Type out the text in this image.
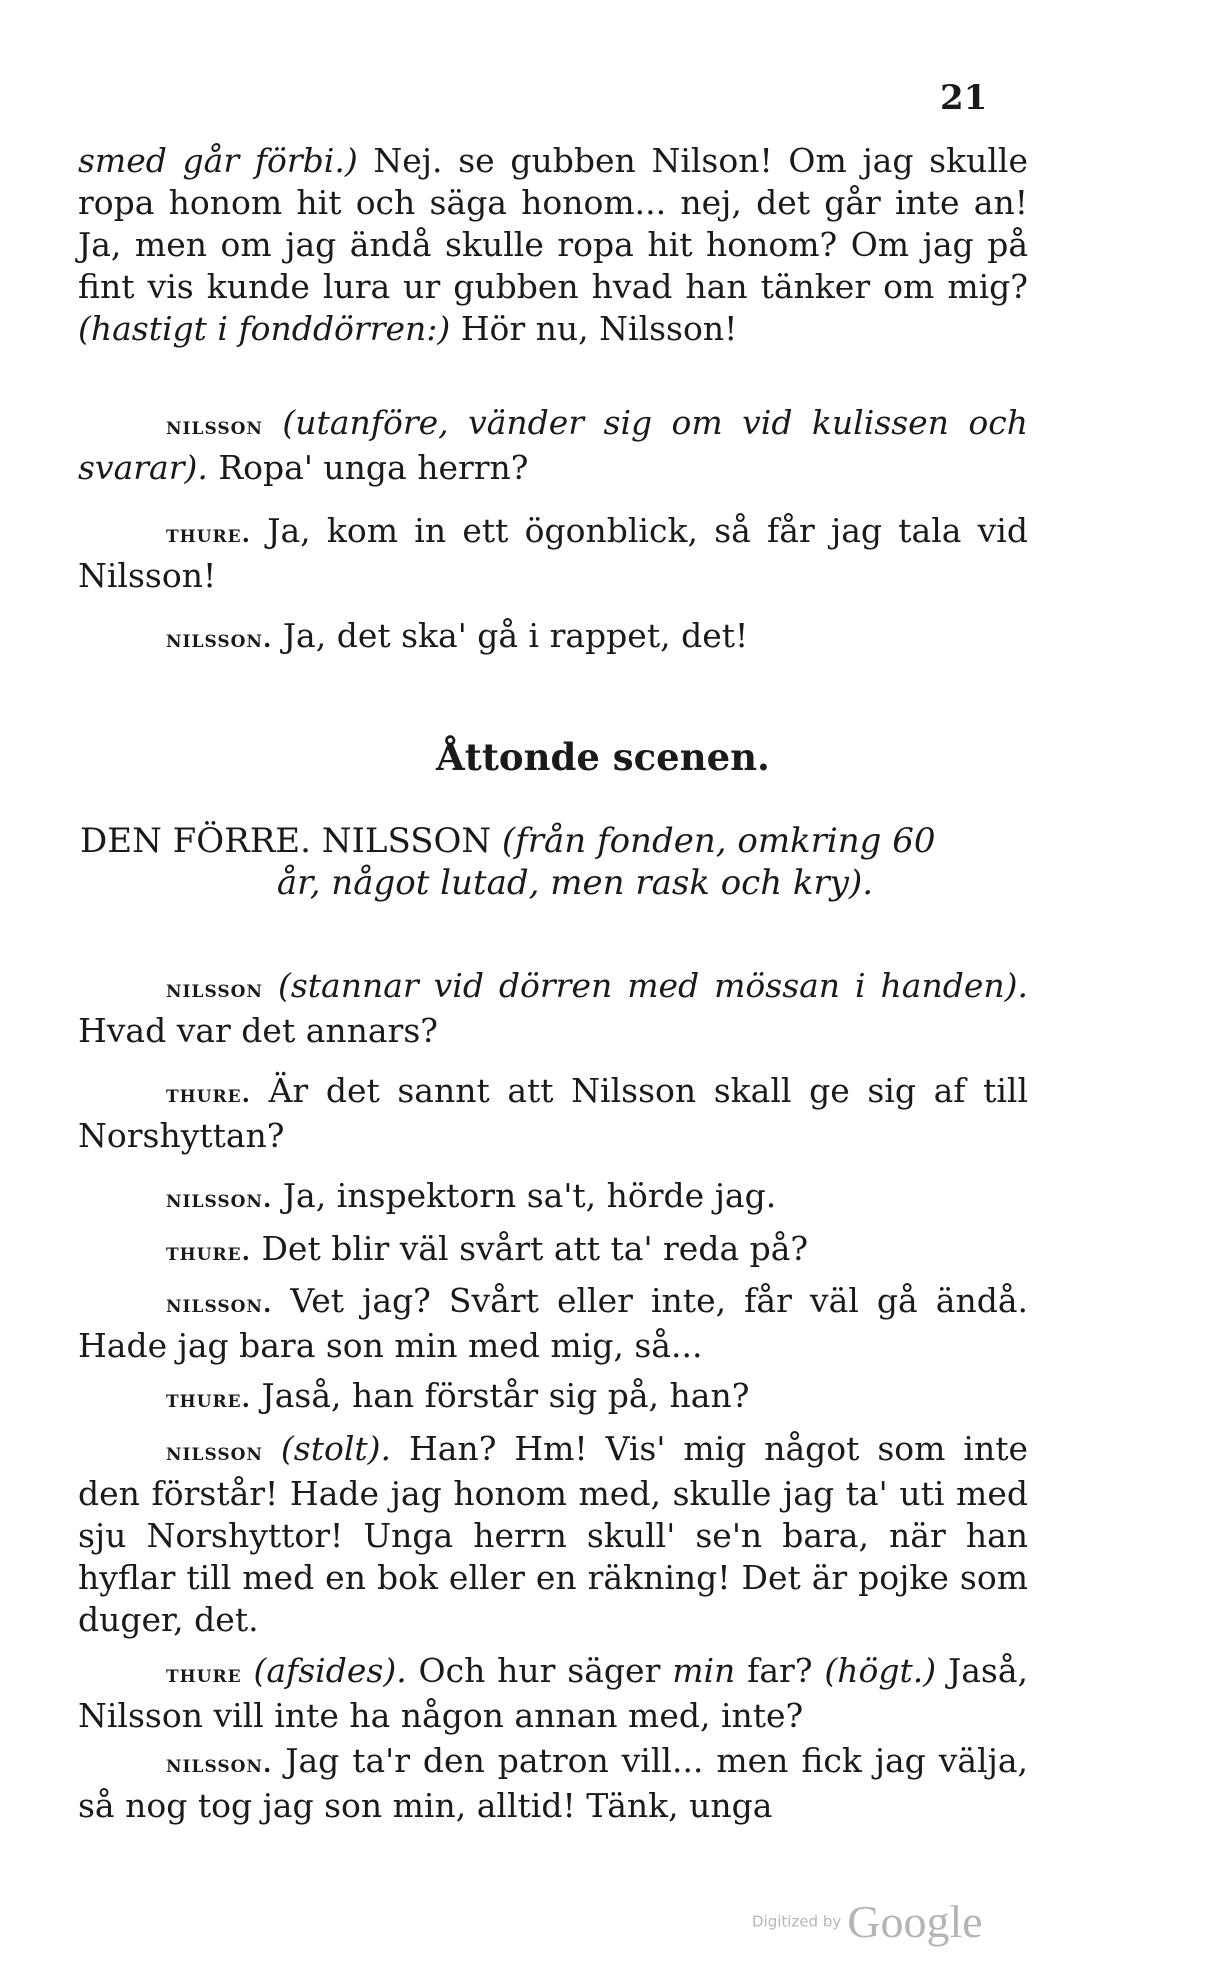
21

smed går förbi.) Nej. se gubben Nilson! Om jag skulle ropa honom hit och säga honom... nej, det går inte an! Ja, men om jag ändå skulle ropa hit honom? Om jag på fint vis kunde lura ur gubben hvad han tänker om mig? (hastigt i fonddörren:) Hör nu, Nilsson!

nilsson (utanföre, vänder sig om vid kulissen och svarar). Ropa' unga herrn?

thure. Ja, kom in ett ögonblick, så får jag tala vid Nilsson!

nilsson. Ja, det ska' gå i rappet, det!

Åttonde scenen.
DEN FÖRRE. NILSSON (från fonden, omkring 60
år, något lutad, men rask och kry).

nilsson (stannar vid dörren med mössan i handen). Hvad var det annars?

thure. Är det sannt att Nilsson skall ge sig af till Norshyttan?

nilsson. Ja, inspektorn sa't, hörde jag.

thure. Det blir väl svårt att ta' reda på?

nilsson. Vet jag? Svårt eller inte, får väl gå ändå. Hade jag bara son min med mig, så...

thure. Jaså, han förstår sig på, han?

nilsson (stolt). Han? Hm! Vis' mig något som inte den förstår! Hade jag honom med, skulle jag ta' uti med sju Norshyttor! Unga herrn skull' se'n bara, när han hyflar till med en bok eller en räkning! Det är pojke som duger, det.

thure (afsides). Och hur säger min far? (högt.) Jaså, Nilsson vill inte ha någon annan med, inte?

nilsson. Jag ta'r den patron vill... men fick jag välja, så nog tog jag son min, alltid! Tänk, unga

Digitized by Google
